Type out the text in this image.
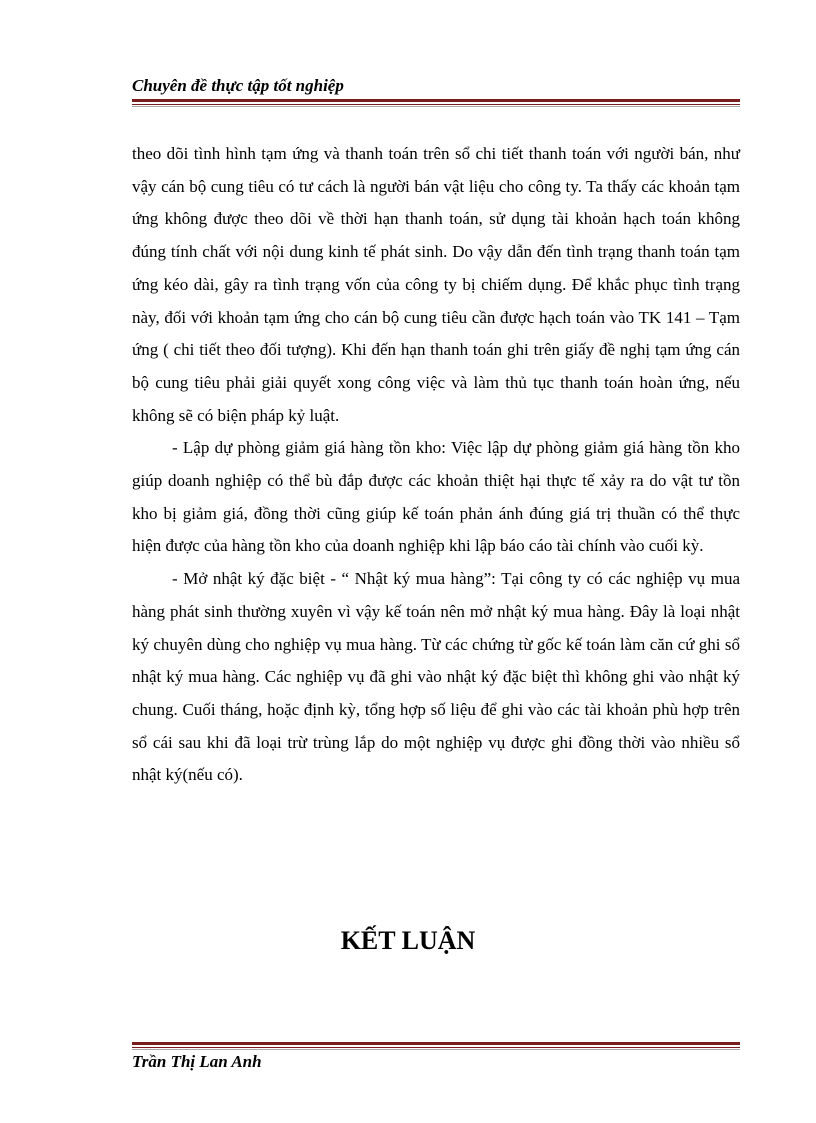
Chuyên đề thực tập tốt nghiệp

theo dõi tình hình tạm ứng và thanh toán trên sổ chi tiết thanh toán với người bán, như vậy cán bộ cung tiêu có tư cách là người bán vật liệu cho công ty. Ta thấy các khoản tạm ứng không được theo dõi về thời hạn thanh toán, sử dụng tài khoản hạch toán không đúng tính chất với nội dung kinh tế phát sinh. Do vậy dẫn đến tình trạng thanh toán tạm ứng kéo dài, gây ra tình trạng vốn của công ty bị chiếm dụng. Để khắc phục tình trạng này, đối với khoản tạm ứng cho cán bộ cung tiêu cần được hạch toán vào TK 141 – Tạm ứng ( chi tiết theo đối tượng). Khi đến hạn thanh toán ghi trên giấy đề nghị tạm ứng cán bộ cung tiêu phải giải quyết xong công việc và làm thủ tục thanh toán hoàn ứng, nếu không sẽ có biện pháp kỷ luật.

- Lập dự phòng giảm giá hàng tồn kho: Việc lập dự phòng giảm giá hàng tồn kho giúp doanh nghiệp có thể bù đắp được các khoản thiệt hại thực tế xảy ra do vật tư tồn kho bị giảm giá, đồng thời cũng giúp kế toán phản ánh đúng giá trị thuần có thể thực hiện được của hàng tồn kho của doanh nghiệp khi lập báo cáo tài chính vào cuối kỳ.

- Mở nhật ký đặc biệt - “ Nhật ký mua hàng”: Tại công ty có các nghiệp vụ mua hàng phát sinh thường xuyên vì vậy kế toán nên mở nhật ký mua hàng. Đây là loại nhật ký chuyên dùng cho nghiệp vụ mua hàng. Từ các chứng từ gốc kế toán làm căn cứ ghi sổ nhật ký mua hàng. Các nghiệp vụ đã ghi vào nhật ký đặc biệt thì không ghi vào nhật ký chung. Cuối tháng, hoặc định kỳ, tổng hợp số liệu để ghi vào các tài khoản phù hợp trên sổ cái sau khi đã loại trừ trùng lắp do một nghiệp vụ được ghi đồng thời vào nhiều sổ nhật ký(nếu có).

KẾT LUẬN
Trần Thị Lan Anh
